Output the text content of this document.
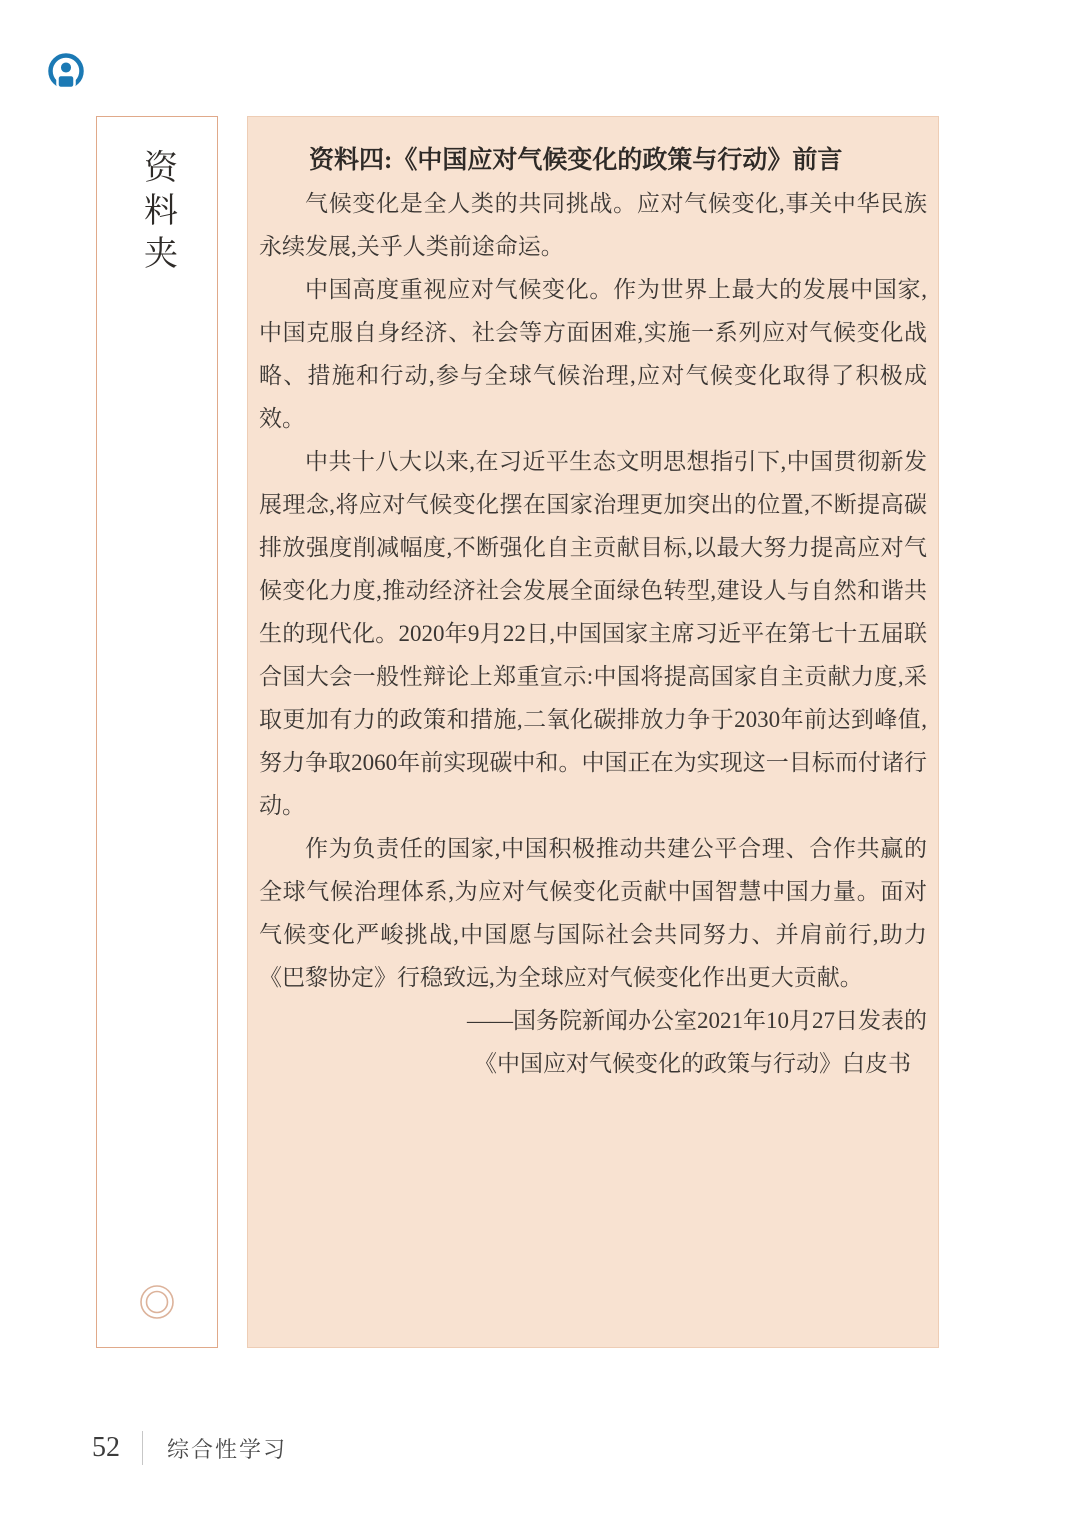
资料夹	资料四:《中国应对气候变化的政策与行动》前言

气候变化是全人类的共同挑战。应对气候变化,事关中华民族永续发展,关乎人类前途命运。

中国高度重视应对气候变化。作为世界上最大的发展中国家,中国克服自身经济、社会等方面困难,实施一系列应对气候变化战略、措施和行动,参与全球气候治理,应对气候变化取得了积极成效。

中共十八大以来,在习近平生态文明思想指引下,中国贯彻新发展理念,将应对气候变化摆在国家治理更加突出的位置,不断提高碳排放强度削减幅度,不断强化自主贡献目标,以最大努力提高应对气候变化力度,推动经济社会发展全面绿色转型,建设人与自然和谐共生的现代化。2020年9月22日,中国国家主席习近平在第七十五届联合国大会一般性辩论上郑重宣示:中国将提高国家自主贡献力度,采取更加有力的政策和措施,二氧化碳排放力争于2030年前达到峰值,努力争取2060年前实现碳中和。中国正在为实现这一目标而付诸行动。

作为负责任的国家,中国积极推动共建公平合理、合作共赢的全球气候治理体系,为应对气候变化贡献中国智慧中国力量。面对气候变化严峻挑战,中国愿与国际社会共同努力、并肩前行,助力《巴黎协定》行稳致远,为全球应对气候变化作出更大贡献。

——国务院新闻办公室2021年10月27日发表的
《中国应对气候变化的政策与行动》白皮书
52 综合性学习
